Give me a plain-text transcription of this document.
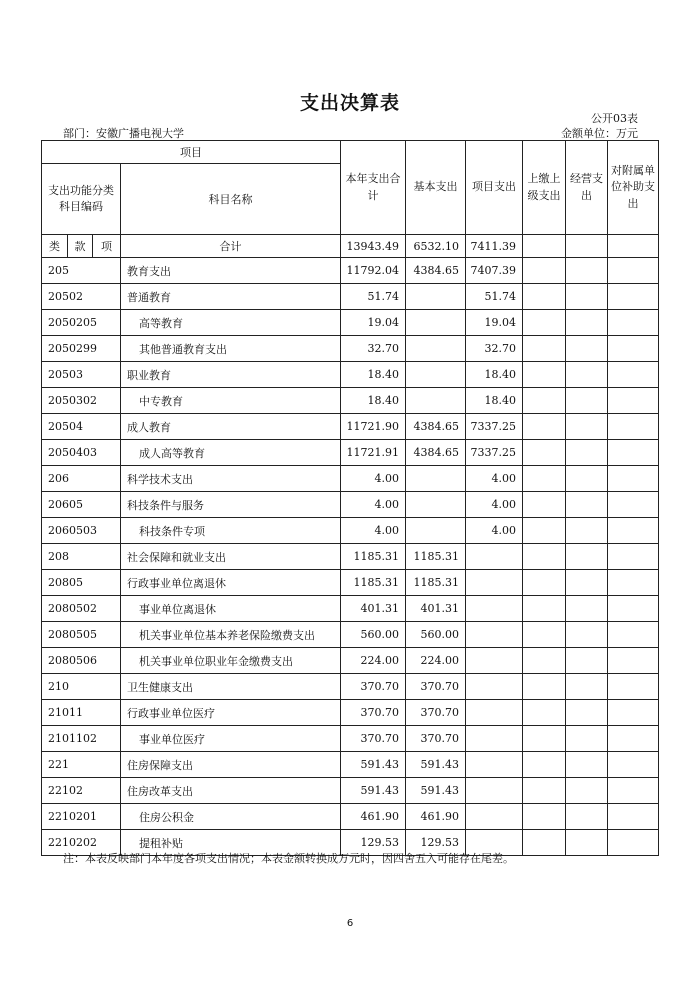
支出决算表
公开03表
部门：安徽广播电视大学	金额单位：万元
项目				本年支出合计	基本支出	项目支出	上缴上级支出	经营支出	对附属单位补助支出
支出功能分类科目编码			科目名称						
类	款	项	合计	13943.49	6532.10	7411.39			
205			教育支出	11792.04	4384.65	7407.39			
20502			普通教育	51.74		51.74			
2050205			高等教育	19.04		19.04			
2050299			其他普通教育支出	32.70		32.70			
20503			职业教育	18.40		18.40			
2050302			中专教育	18.40		18.40			
20504			成人教育	11721.90	4384.65	7337.25			
2050403			成人高等教育	11721.91	4384.65	7337.25			
206			科学技术支出	4.00		4.00			
20605			科技条件与服务	4.00		4.00			
2060503			科技条件专项	4.00		4.00			
208			社会保障和就业支出	1185.31	1185.31				
20805			行政事业单位离退休	1185.31	1185.31				
2080502			事业单位离退休	401.31	401.31				
2080505			机关事业单位基本养老保险缴费支出	560.00	560.00				
2080506			机关事业单位职业年金缴费支出	224.00	224.00				
210			卫生健康支出	370.70	370.70				
21011			行政事业单位医疗	370.70	370.70				
2101102			事业单位医疗	370.70	370.70				
221			住房保障支出	591.43	591.43				
22102			住房改革支出	591.43	591.43				
2210201			住房公积金	461.90	461.90				
2210202			提租补贴	129.53	129.53				
注：本表反映部门本年度各项支出情况；本表金额转换成万元时，因四舍五入可能存在尾差。
6
